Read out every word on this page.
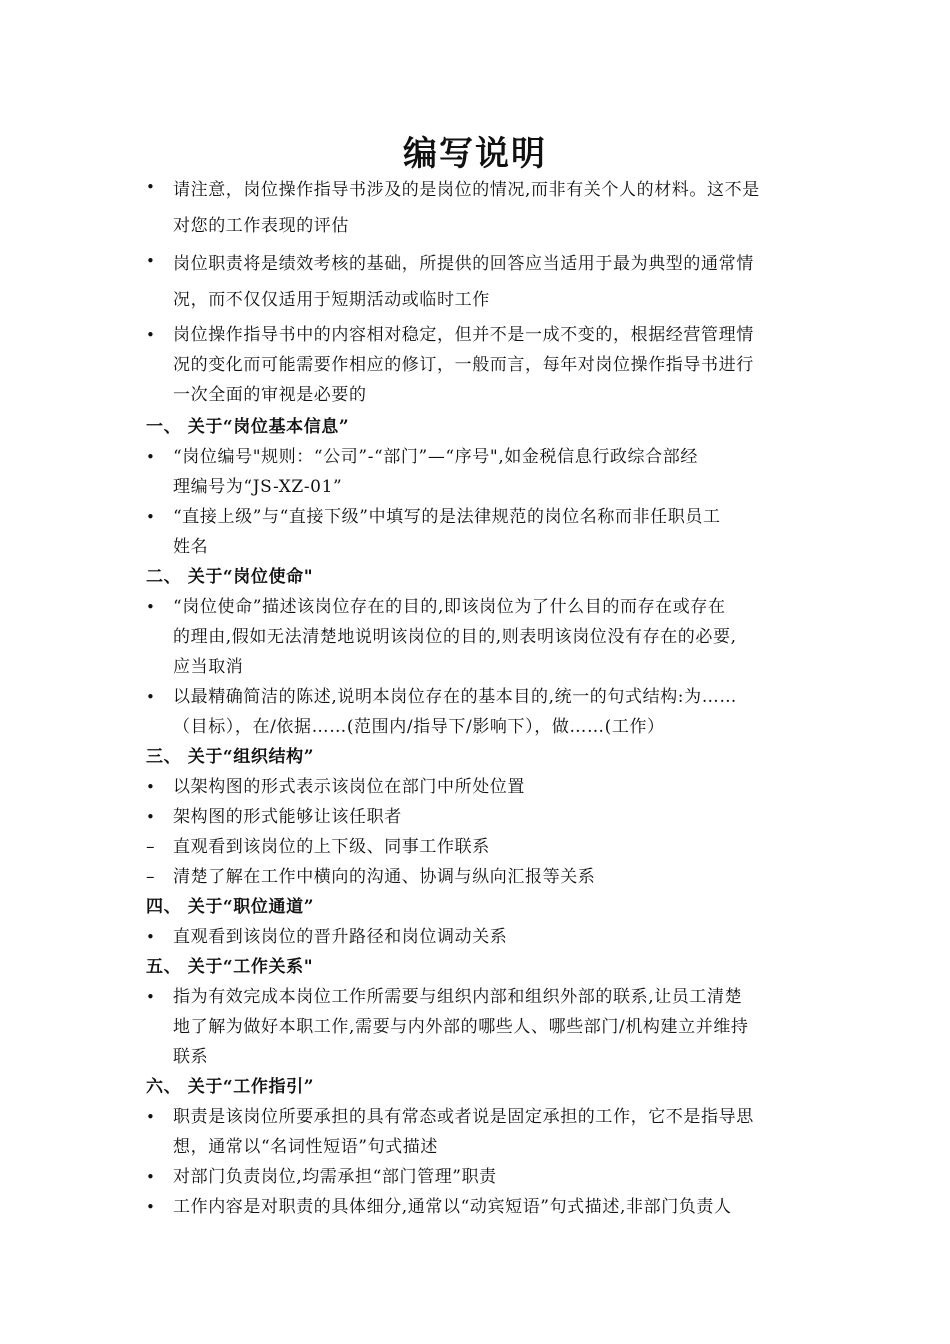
编写说明
•	请注意，岗位操作指导书涉及的是岗位的情况,而非有关个人的材料。这不是
对您的工作表现的评估
•	岗位职责将是绩效考核的基础，所提供的回答应当适用于最为典型的通常情
况，而不仅仅适用于短期活动或临时工作
•	岗位操作指导书中的内容相对稳定，但并不是一成不变的，根据经营管理情
况的变化而可能需要作相应的修订，一般而言，每年对岗位操作指导书进行
一次全面的审视是必要的
一、 关于“岗位基本信息”
•	“岗位编号"规则：“公司”-“部门”—“序号",如金税信息行政综合部经
理编号为“JS-XZ-01”
•	“直接上级”与“直接下级”中填写的是法律规范的岗位名称而非任职员工
姓名
二、 关于“岗位使命"
•	“岗位使命”描述该岗位存在的目的,即该岗位为了什么目的而存在或存在
的理由,假如无法清楚地说明该岗位的目的,则表明该岗位没有存在的必要,
应当取消
•	以最精确简洁的陈述,说明本岗位存在的基本目的,统一的句式结构:为……
（目标），在/依据……(范围内/指导下/影响下），做……(工作）
三、 关于“组织结构”
•	以架构图的形式表示该岗位在部门中所处位置
•	架构图的形式能够让该任职者
–	直观看到该岗位的上下级、同事工作联系
–	清楚了解在工作中横向的沟通、协调与纵向汇报等关系
四、 关于“职位通道”
•	直观看到该岗位的晋升路径和岗位调动关系
五、 关于“工作关系"
•	指为有效完成本岗位工作所需要与组织内部和组织外部的联系,让员工清楚
地了解为做好本职工作,需要与内外部的哪些人、哪些部门/机构建立并维持
联系
六、 关于“工作指引”
•	职责是该岗位所要承担的具有常态或者说是固定承担的工作，它不是指导思
想，通常以“名词性短语”句式描述
•	对部门负责岗位,均需承担“部门管理”职责
•	工作内容是对职责的具体细分,通常以“动宾短语”句式描述,非部门负责人
